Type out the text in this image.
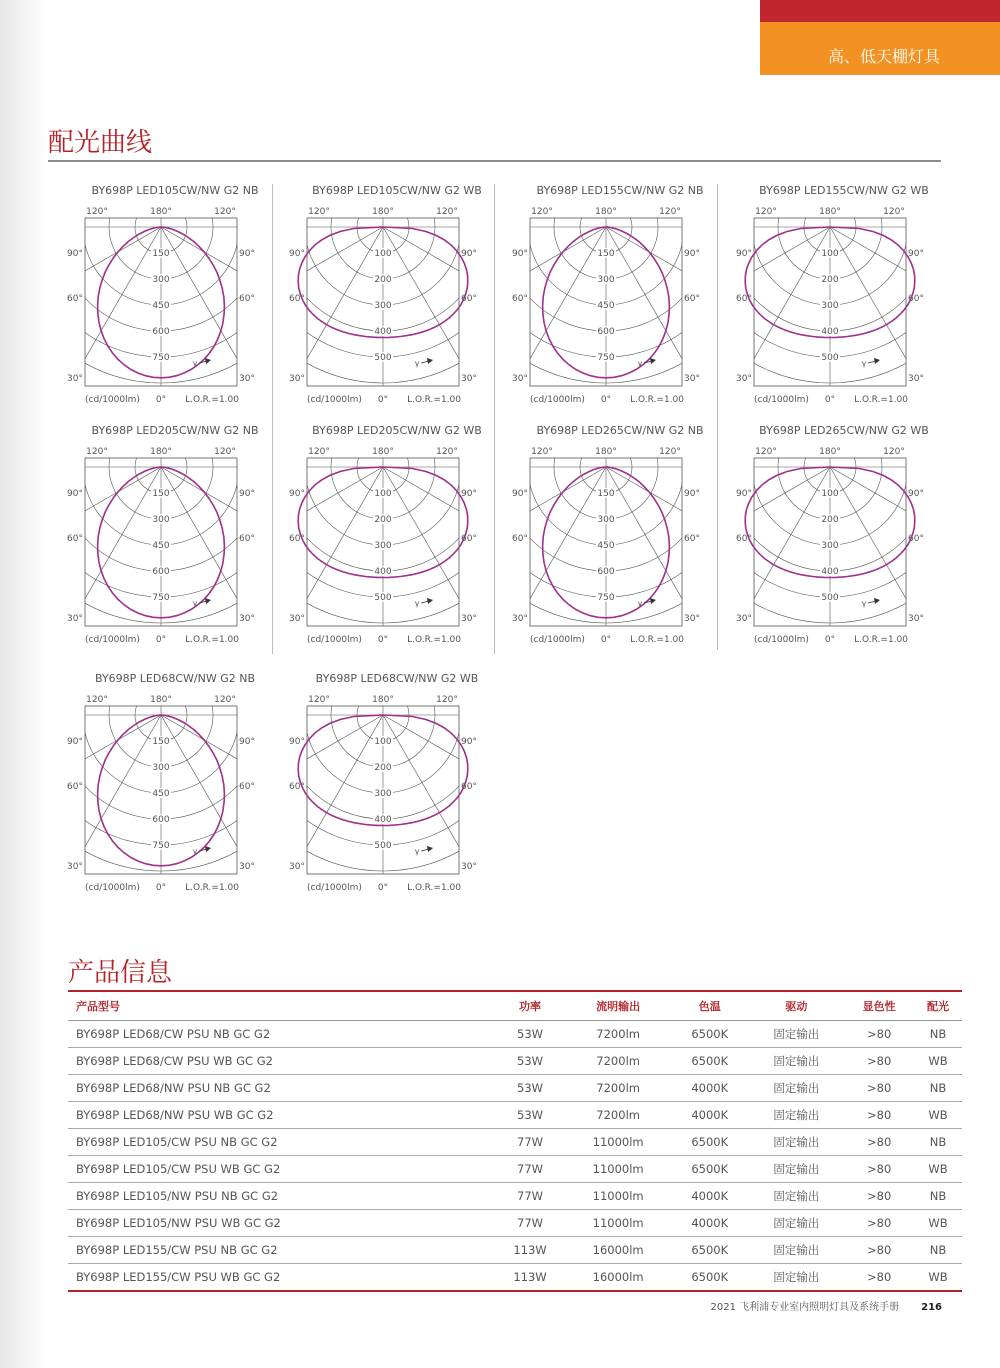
高、低天棚灯具
配光曲线
BY698P LED105CW/NW G2 NB
150
300
450
600
750
γ
120°	180°	120°
90°	90°
60°	60°
30°	30°
0°
(cd/1000lm)	L.O.R.=1.00
BY698P LED105CW/NW G2 WB
100
200
300
400
500
γ
120°	180°	120°
90°	90°
60°	60°
30°	30°
0°
(cd/1000lm)	L.O.R.=1.00
BY698P LED155CW/NW G2 NB
150
300
450
600
750
γ
120°	180°	120°
90°	90°
60°	60°
30°	30°
0°
(cd/1000lm)	L.O.R.=1.00
BY698P LED155CW/NW G2 WB
100
200
300
400
500
γ
120°	180°	120°
90°	90°
60°	60°
30°	30°
0°
(cd/1000lm)	L.O.R.=1.00
BY698P LED205CW/NW G2 NB
150
300
450
600
750
γ
120°	180°	120°
90°	90°
60°	60°
30°	30°
0°
(cd/1000lm)	L.O.R.=1.00
BY698P LED205CW/NW G2 WB
100
200
300
400
500
γ
120°	180°	120°
90°	90°
60°	60°
30°	30°
0°
(cd/1000lm)	L.O.R.=1.00
BY698P LED265CW/NW G2 NB
150
300
450
600
750
γ
120°	180°	120°
90°	90°
60°	60°
30°	30°
0°
(cd/1000lm)	L.O.R.=1.00
BY698P LED265CW/NW G2 WB
100
200
300
400
500
γ
120°	180°	120°
90°	90°
60°	60°
30°	30°
0°
(cd/1000lm)	L.O.R.=1.00
BY698P LED68CW/NW G2 NB
150
300
450
600
750
γ
120°	180°	120°
90°	90°
60°	60°
30°	30°
0°
(cd/1000lm)	L.O.R.=1.00
BY698P LED68CW/NW G2 WB
100
200
300
400
500
γ
120°	180°	120°
90°	90°
60°	60°
30°	30°
0°
(cd/1000lm)	L.O.R.=1.00
产品信息
产品型号	功率	流明输出	色温	驱动	显色性	配光
BY698P LED68/CW PSU NB GC G2	53W	7200lm	6500K	固定输出	>80	NB
BY698P LED68/CW PSU WB GC G2	53W	7200lm	6500K	固定输出	>80	WB
BY698P LED68/NW PSU NB GC G2	53W	7200lm	4000K	固定输出	>80	NB
BY698P LED68/NW PSU WB GC G2	53W	7200lm	4000K	固定输出	>80	WB
BY698P LED105/CW PSU NB GC G2	77W	11000lm	6500K	固定输出	>80	NB
BY698P LED105/CW PSU WB GC G2	77W	11000lm	6500K	固定输出	>80	WB
BY698P LED105/NW PSU NB GC G2	77W	11000lm	4000K	固定输出	>80	NB
BY698P LED105/NW PSU WB GC G2	77W	11000lm	4000K	固定输出	>80	WB
BY698P LED155/CW PSU NB GC G2	113W	16000lm	6500K	固定输出	>80	NB
BY698P LED155/CW PSU WB GC G2	113W	16000lm	6500K	固定输出	>80	WB
2021 飞利浦专业室内照明灯具及系统手册 216
